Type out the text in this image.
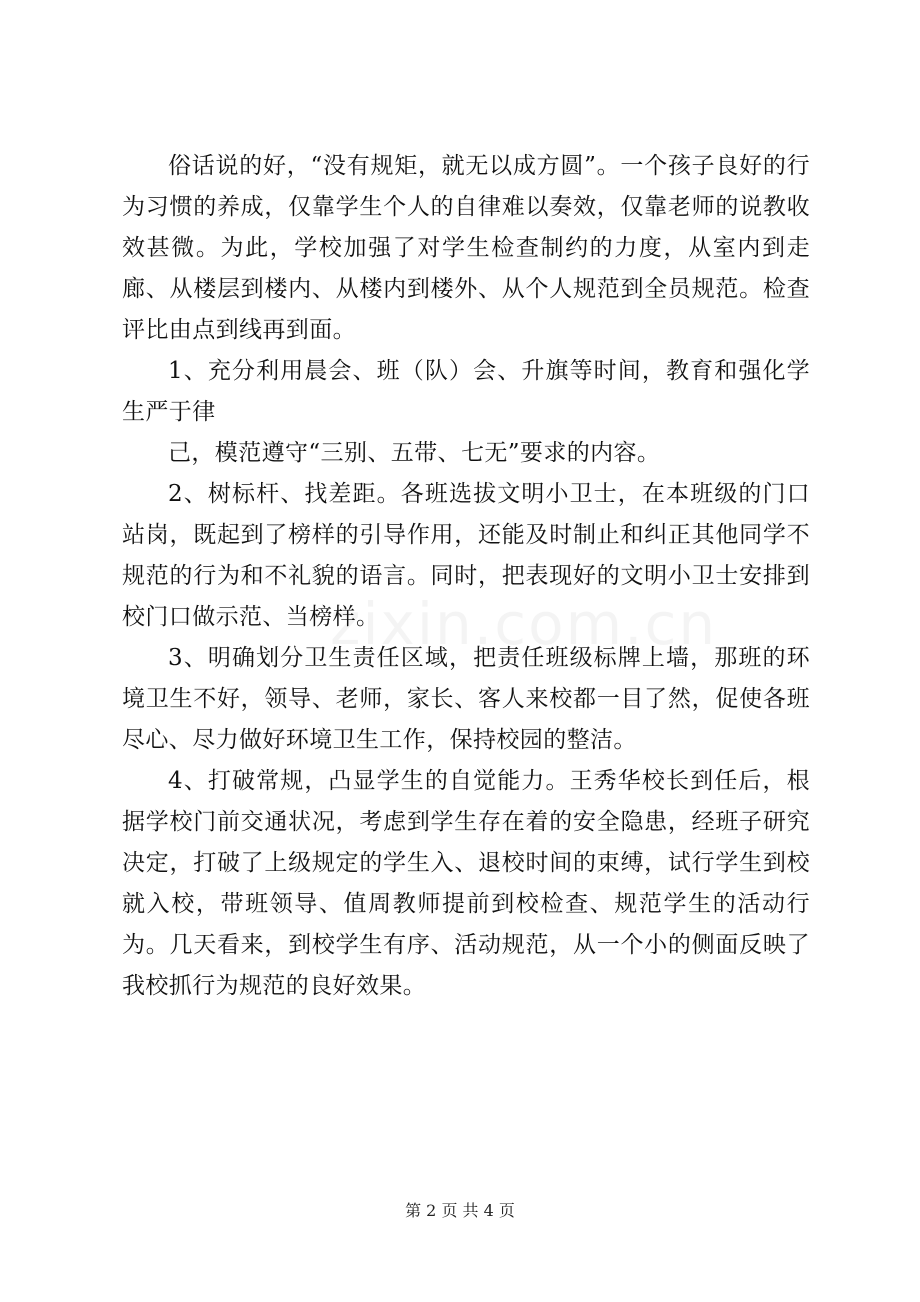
俗话说的好，“没有规矩，就无以成方圆”。一个孩子良好的行为习惯的养成，仅靠学生个人的自律难以奏效，仅靠老师的说教收效甚微。为此，学校加强了对学生检查制约的力度，从室内到走廊、从楼层到楼内、从楼内到楼外、从个人规范到全员规范。检查评比由点到线再到面。

1、充分利用晨会、班（队）会、升旗等时间，教育和强化学生严于律

己，模范遵守“三别、五带、七无”要求的内容。

2、树标杆、找差距。各班选拔文明小卫士，在本班级的门口站岗，既起到了榜样的引导作用，还能及时制止和纠正其他同学不规范的行为和不礼貌的语言。同时，把表现好的文明小卫士安排到校门口做示范、当榜样。

3、明确划分卫生责任区域，把责任班级标牌上墙，那班的环境卫生不好，领导、老师，家长、客人来校都一目了然，促使各班尽心、尽力做好环境卫生工作，保持校园的整洁。

4、打破常规，凸显学生的自觉能力。王秀华校长到任后，根据学校门前交通状况，考虑到学生存在着的安全隐患，经班子研究决定，打破了上级规定的学生入、退校时间的束缚，试行学生到校就入校，带班领导、值周教师提前到校检查、规范学生的活动行为。几天看来，到校学生有序、活动规范，从一个小的侧面反映了我校抓行为规范的良好效果。

第 2 页 共 4 页
